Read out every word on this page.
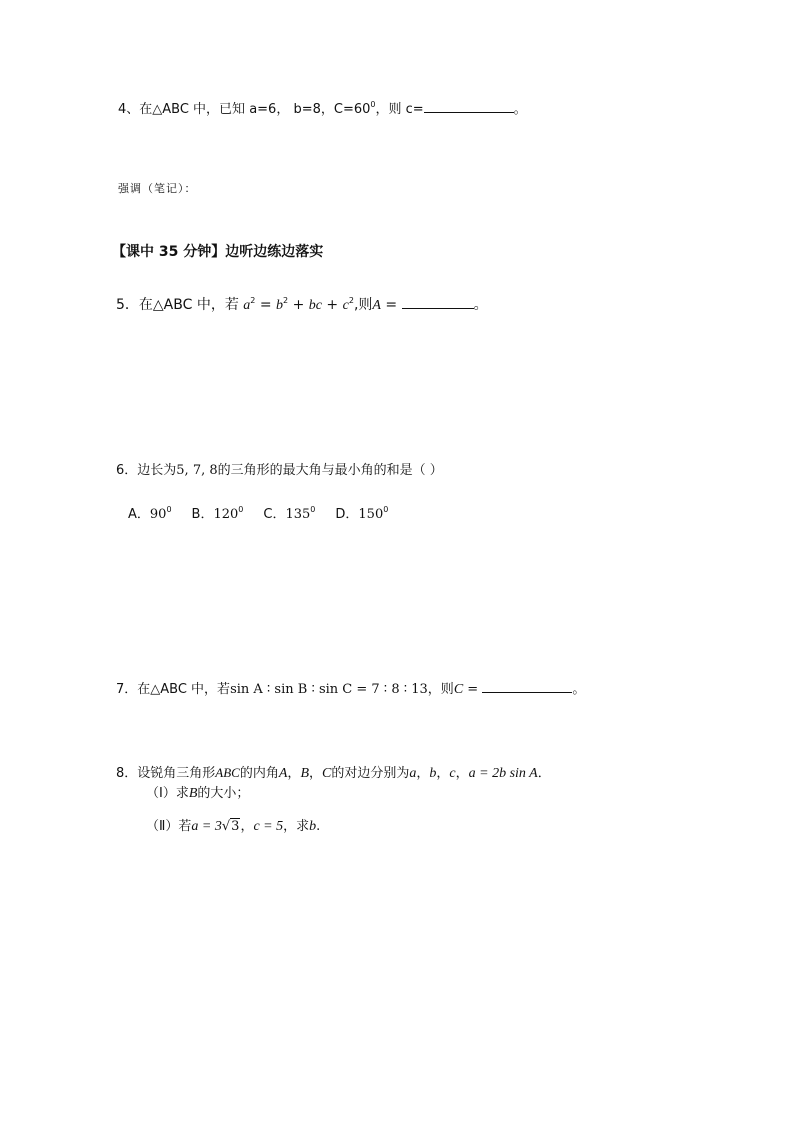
4、在△ABC 中，已知 a=6， b=8，$C=60^0$，则 c=	。
强调（笔记）：
【课中 35 分钟】边听边练边落实
5．在△ABC 中，若 $a^2 = b^2$ + bc + $c^2$,则A =	。
6．边长为5, 7, 8的三角形的最大角与最小角的和是（ ）
A．$90^0$ B．$120^0$ C．$135^0$ D．$150^0$
7．在△ABC 中，若sin A ∶ sin B ∶ sin C = 7 ∶ 8 ∶ 13，则C =	。
8．设锐角三角形ABC的内角A，B，C的对边分别为a，b，c，a = 2b sin A．
（Ⅰ）求B的大小；
（Ⅱ）若a = 3√3，c = 5，求b.
